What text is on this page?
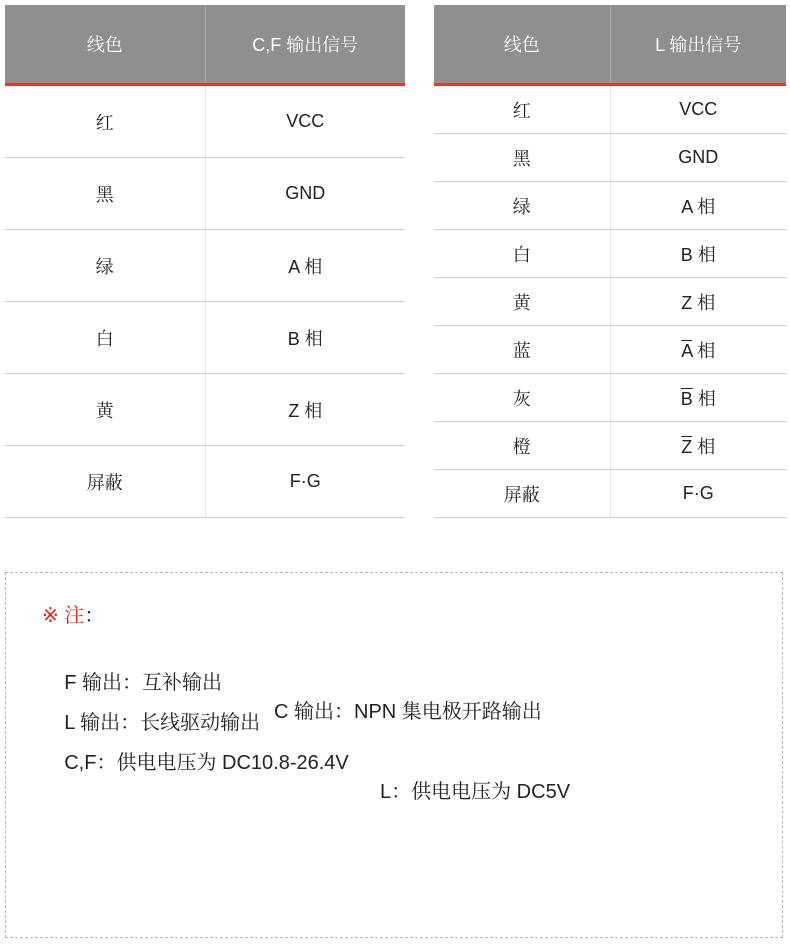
线色	C,F 输出信号
红	VCC
黑	GND
绿	A 相
白	B 相
黄	Z 相
屏蔽	F·G
线色	L 输出信号
红	VCC
黑	GND
绿	A 相
白	B 相
黄	Z 相
蓝	$\overline{A}$ 相
灰	$\overline{B}$ 相
橙	$\overline{Z}$ 相
屏蔽	F·G
※ 注：

F 输出：互补输出

C 输出：NPN 集电极开路输出

L 输出：长线驱动输出

C,F：供电电压为 DC10.8-26.4V

L：供电电压为 DC5V
